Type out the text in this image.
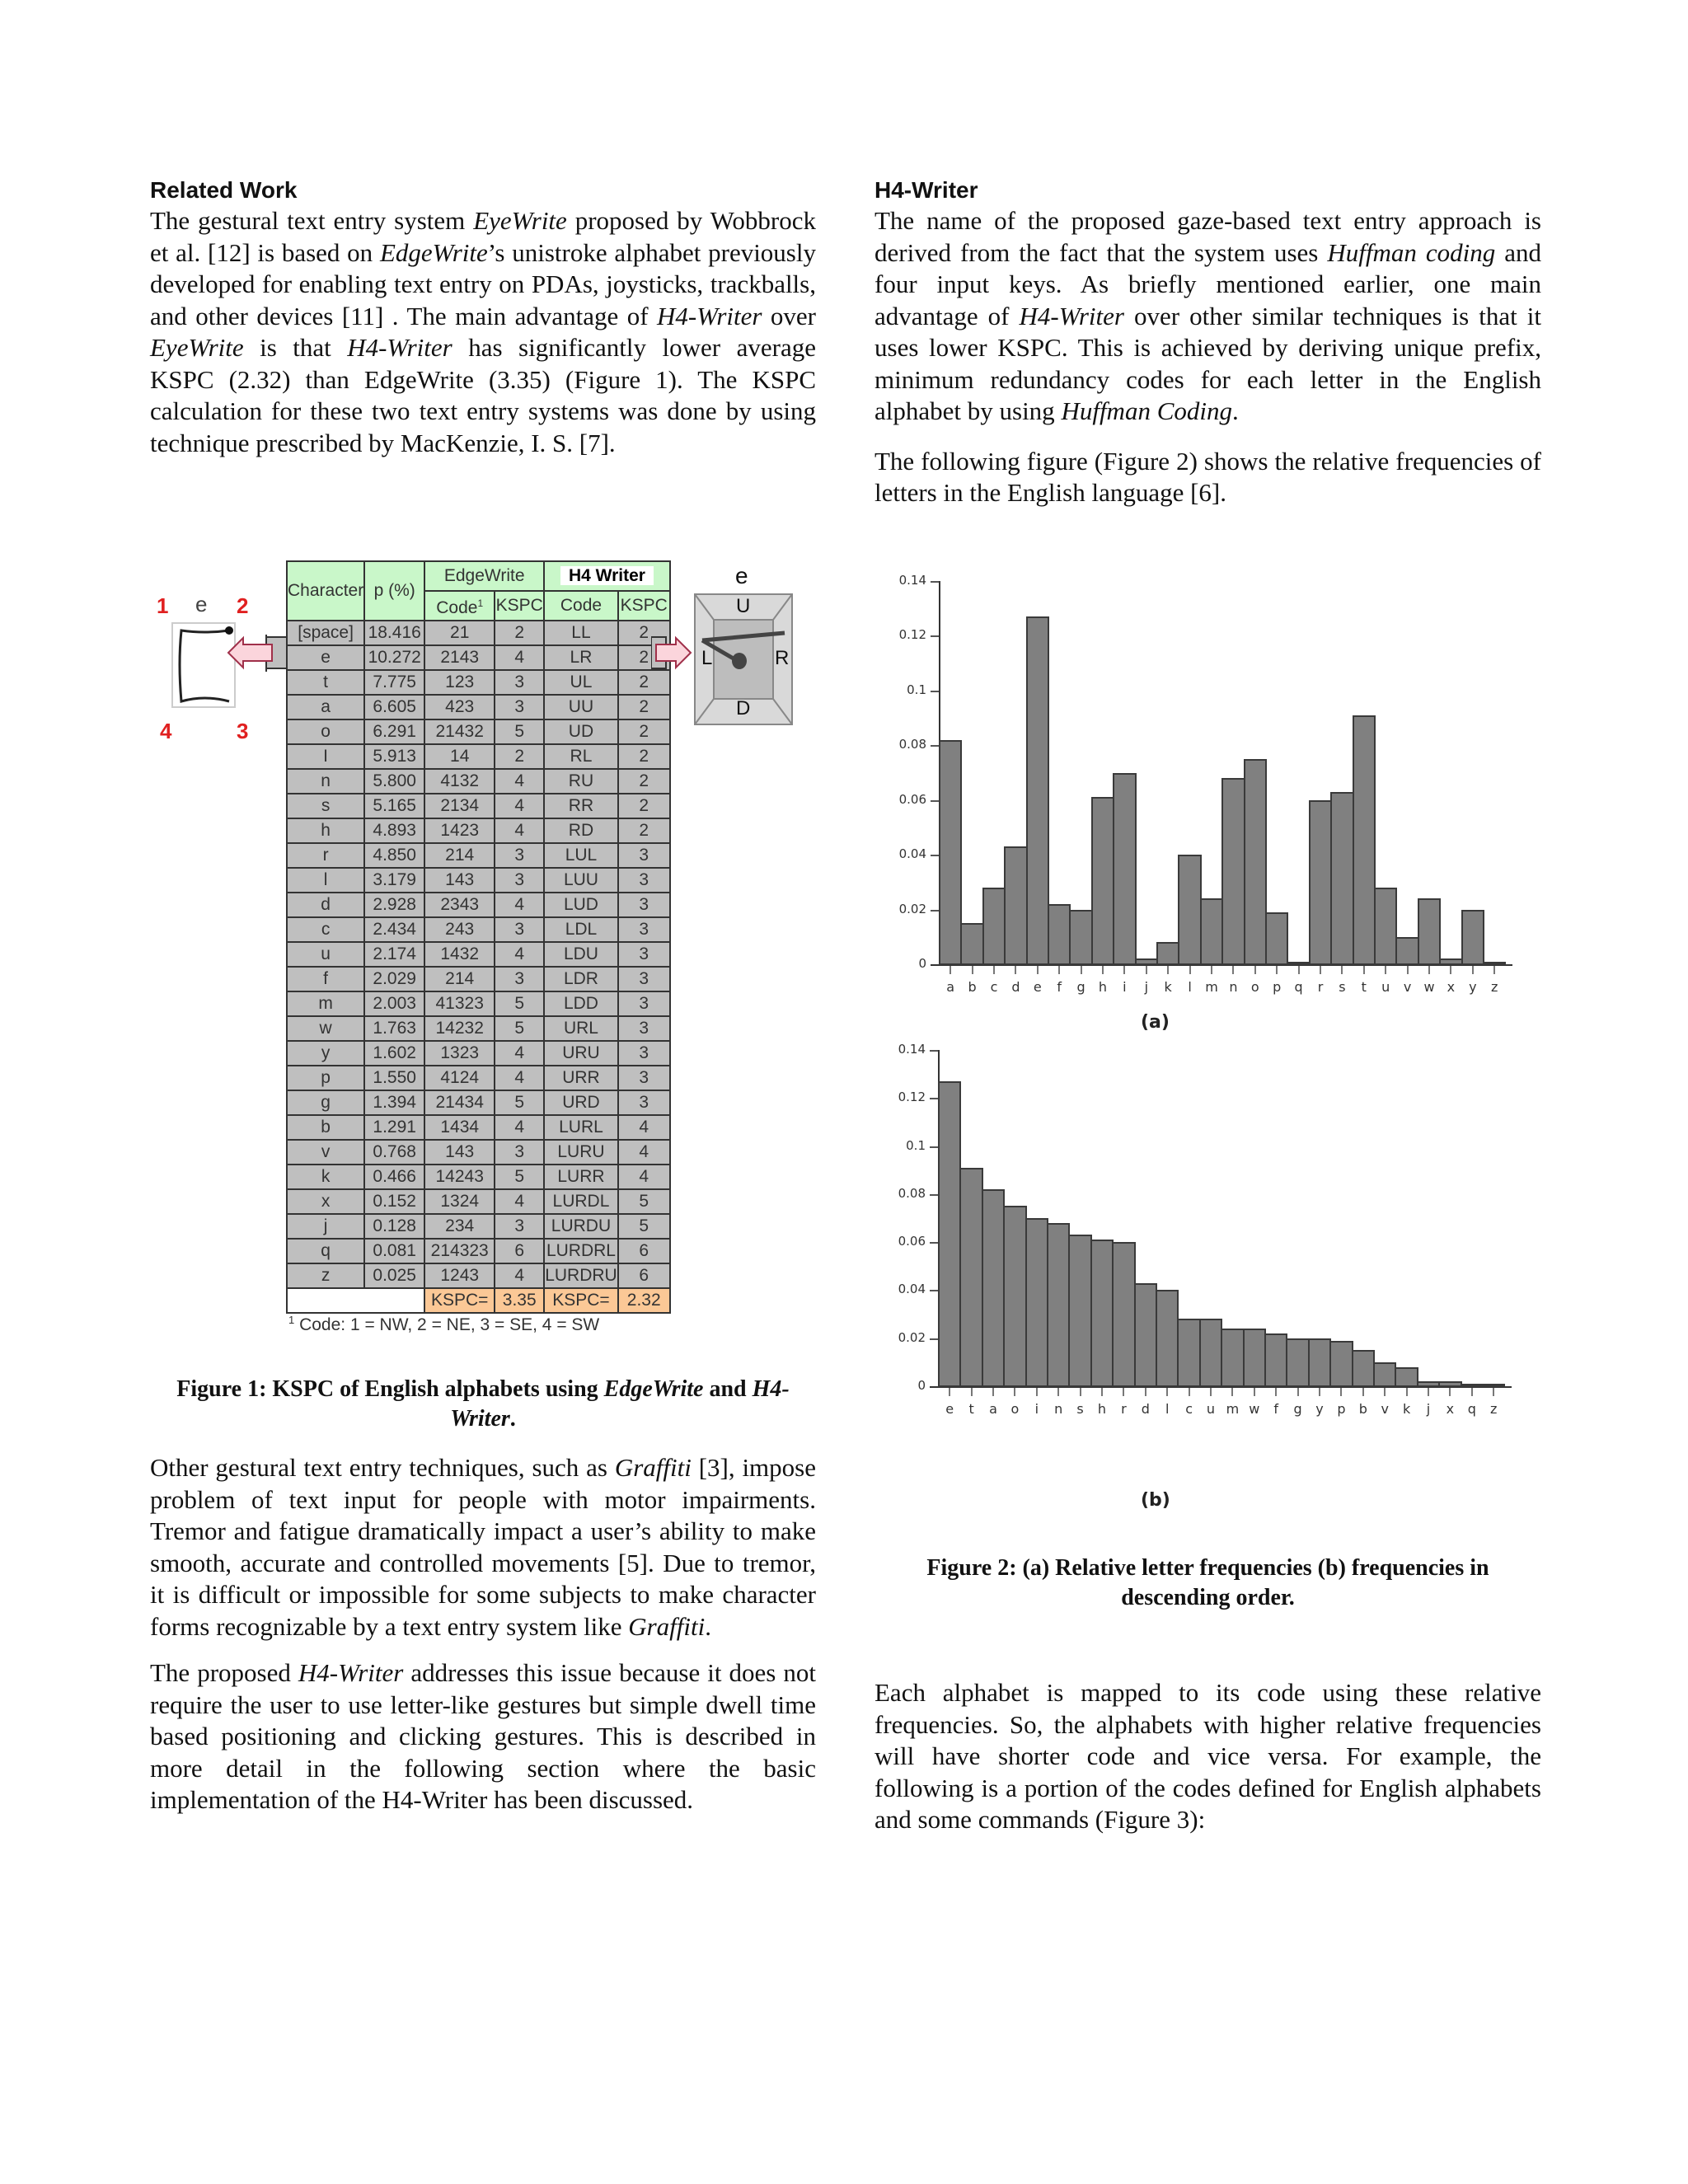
Related Work

The gestural text entry system EyeWrite proposed by Wobbrock et al. [12] is based on EdgeWrite’s unistroke alphabet previously developed for enabling text entry on PDAs, joysticks, trackballs, and other devices [11] . The main advantage of H4-Writer over EyeWrite is that H4-Writer has significantly lower average KSPC (2.32) than EdgeWrite (3.35) (Figure 1). The KSPC calculation for these two text entry systems was done by using technique prescribed by MacKenzie, I. S. [7].

1	2
3
4
e
Character	p (%)	EdgeWrite		H4 Writer	
		Code$^1$	KSPC	Code	KSPC
[space]	18.416	21	2	LL	2
e	10.272	2143	4	LR	2
t	7.775	123	3	UL	2
a	6.605	423	3	UU	2
o	6.291	21432	5	UD	2
I	5.913	14	2	RL	2
n	5.800	4132	4	RU	2
s	5.165	2134	4	RR	2
h	4.893	1423	4	RD	2
r	4.850	214	3	LUL	3
l	3.179	143	3	LUU	3
d	2.928	2343	4	LUD	3
c	2.434	243	3	LDL	3
u	2.174	1432	4	LDU	3
f	2.029	214	3	LDR	3
m	2.003	41323	5	LDD	3
w	1.763	14232	5	URL	3
y	1.602	1323	4	URU	3
p	1.550	4124	4	URR	3
g	1.394	21434	5	URD	3
b	1.291	1434	4	LURL	4
v	0.768	143	3	LURU	4
k	0.466	14243	5	LURR	4
x	0.152	1324	4	LURDL	5
j	0.128	234	3	LURDU	5
q	0.081	214323	6	LURDRL	6
z	0.025	1243	4	LURDRU	6
		KSPC=	3.35	KSPC=	2.32
$^1$ Code: 1 = NW, 2 = NE, 3 = SE, 4 = SW
e
U
D
L	R
Figure 1: KSPC of English alphabets using EdgeWrite and H4-Writer.

Other gestural text entry techniques, such as Graffiti [3], impose problem of text input for people with motor impairments. Tremor and fatigue dramatically impact a user’s ability to make smooth, accurate and controlled movements [5]. Due to tremor, it is difficult or impossible for some subjects to make character forms recognizable by a text entry system like Graffiti.

The proposed H4-Writer addresses this issue because it does not require the user to use letter-like gestures but simple dwell time based positioning and clicking gestures. This is described in more detail in the following section where the basic implementation of the H4-Writer has been discussed.

H4-Writer

The name of the proposed gaze-based text entry approach is derived from the fact that the system uses Huffman coding and four input keys. As briefly mentioned earlier, one main advantage of H4-Writer over other similar techniques is that it uses lower KSPC. This is achieved by deriving unique prefix, minimum redundancy codes for each letter in the English alphabet by using Huffman Coding.

The following figure (Figure 2) shows the relative frequencies of letters in the English language [6].

0
0.02
0.04
0.06
0.08
0.1
0.12
0.14
a	b	c	d	e	f	g	h	i	j	k	l	m n	o	p	q	r	s	t	u	v w x	y	z
(a)
0
0.02
0.04
0.06
0.08
0.1
0.12
0.14
e	t	a	o	i	n	s	h	r	d	l	c	u m w	f	g	y	p	b	v	k	j	x	q	z
(b)
Figure 2: (a) Relative letter frequencies (b) frequencies in descending order.

Each alphabet is mapped to its code using these relative frequencies. So, the alphabets with higher relative frequencies will have shorter code and vice versa. For example, the following is a portion of the codes defined for English alphabets and some commands (Figure 3):
